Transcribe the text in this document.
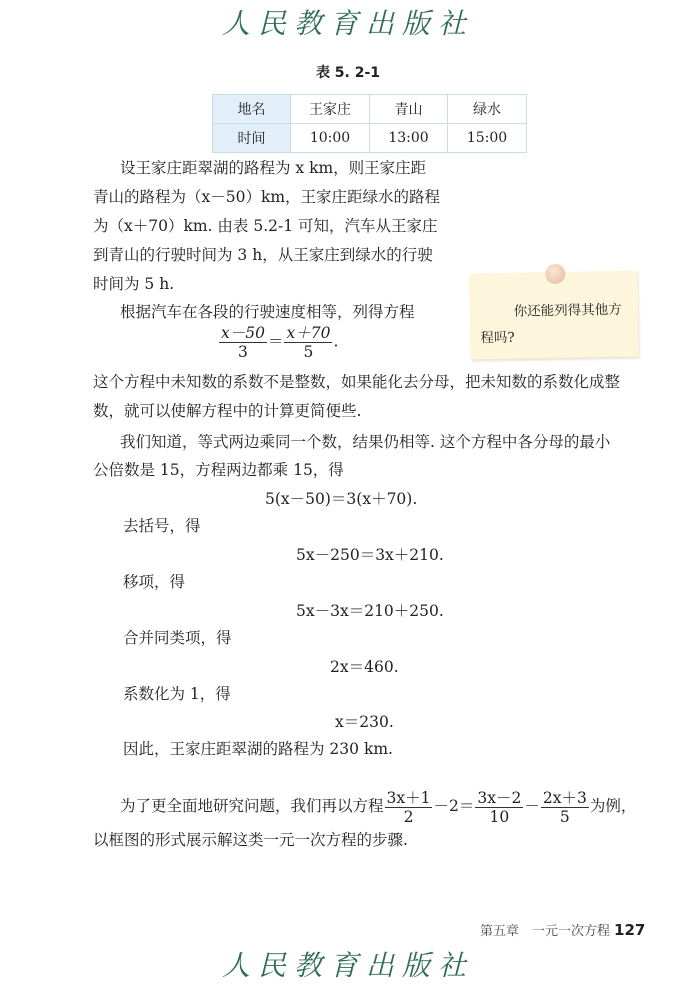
人民教育出版社
表 5. 2-1
地名	王家庄	青山	绿水
时间	10:00	13:00	15:00
设王家庄距翠湖的路程为 x km，则王家庄距
青山的路程为（x－50）km，王家庄距绿水的路程
为（x＋70）km. 由表 5.2-1 可知，汽车从王家庄
到青山的行驶时间为 3 h，从王家庄到绿水的行驶
时间为 5 h.
根据汽车在各段的行驶速度相等，列得方程
$\frac{x-50}{3} = \frac{x+70}{5}$ .
你还能列得其他方程吗?
这个方程中未知数的系数不是整数，如果能化去分母，把未知数的系数化成整
数，就可以使解方程中的计算更简便些.
我们知道，等式两边乘同一个数，结果仍相等. 这个方程中各分母的最小
公倍数是 15，方程两边都乘 15，得
5(x－50)＝3(x＋70).
去括号，得
5x－250＝3x＋210.
移项，得
5x－3x＝210＋250.
合并同类项，得
2x＝460.
系数化为 1，得
x＝230.
因此，王家庄距翠湖的路程为 230 km.
为了更全面地研究问题，我们再以方程 $\frac{3x+1}{2} -2= \frac{3x-2}{10} - \frac{2x+3}{5}$ 为例，
以框图的形式展示解这类一元一次方程的步骤.
第五章　一元一次方程 127
人民教育出版社
